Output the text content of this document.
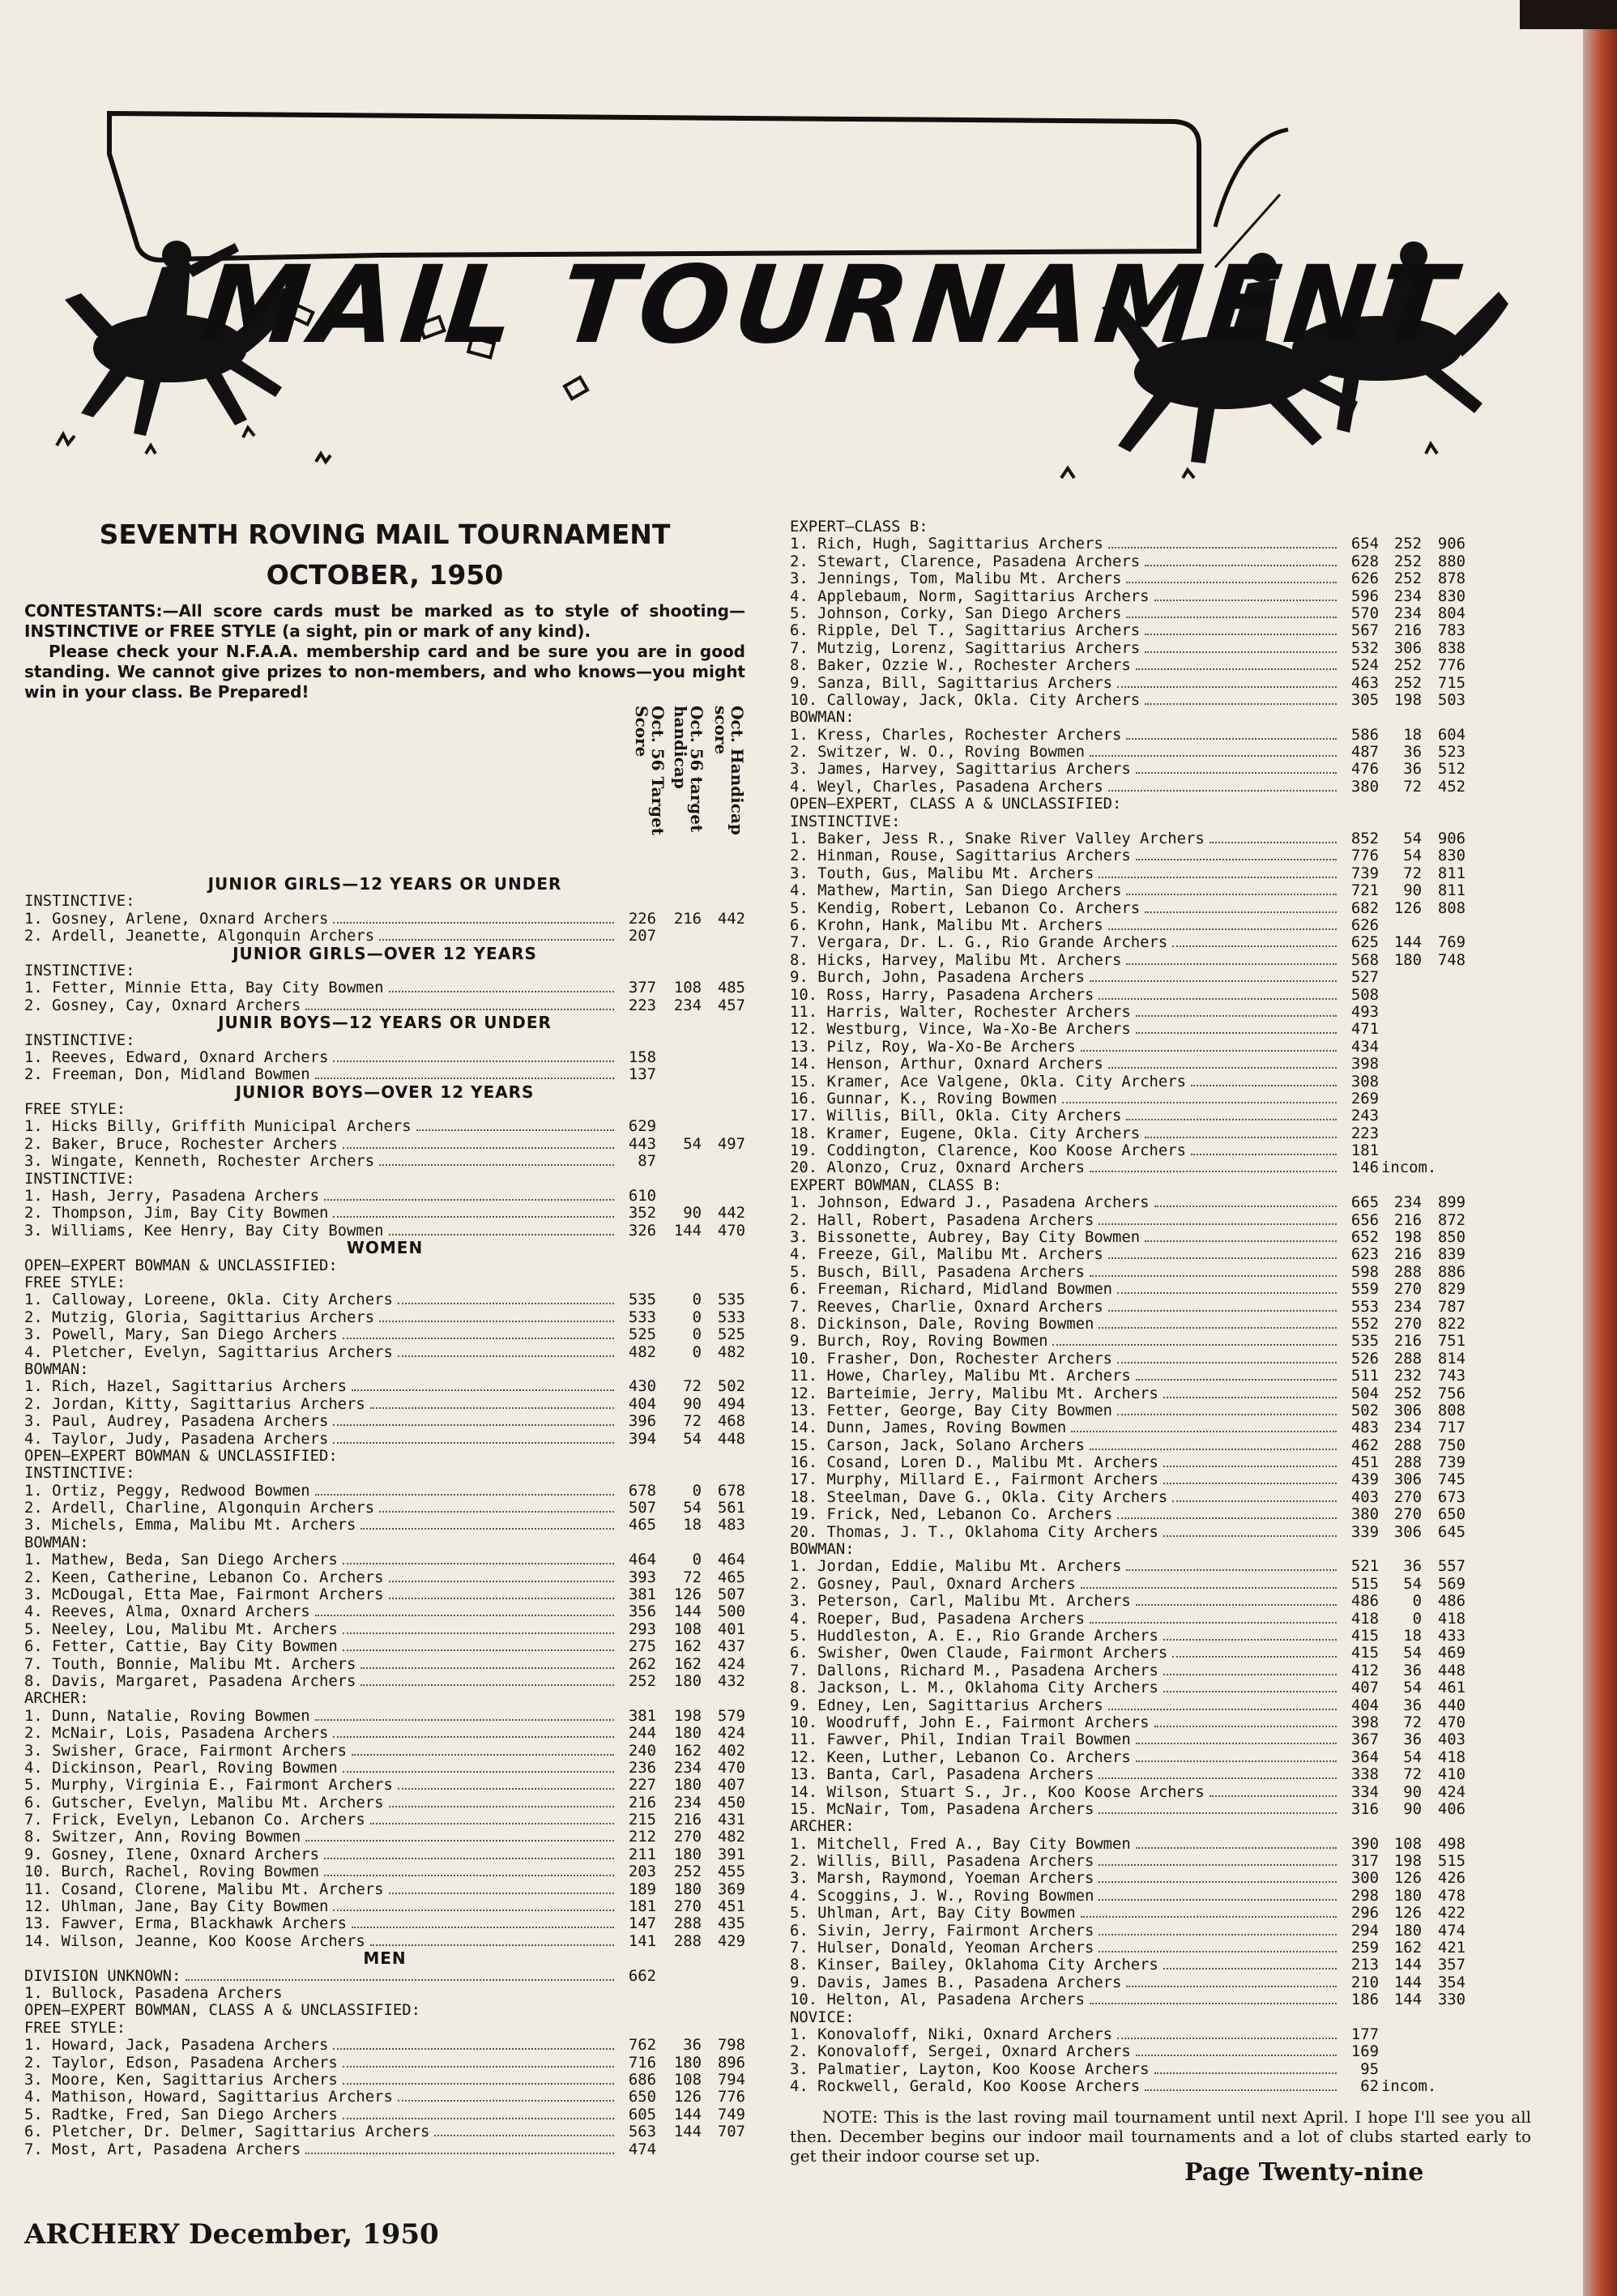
MAIL TOURNAMENT
SEVENTH ROVING MAIL TOURNAMENT
OCTOBER, 1950

CONTESTANTS:—All score cards must be marked as to style of shooting—INSTINCTIVE or FREE STYLE (a sight, pin or mark of any kind).

Please check your N.F.A.A. membership card and be sure you are in good standing. We cannot give prizes to non-members, and who knows—you might win in your class. Be Prepared!

Oct. 56 Target Score	Oct. 56 target handicap	Oct. Handicap score
JUNIOR GIRLS—12 YEARS OR UNDER
INSTINCTIVE:
1. Gosney, Arlene, Oxnard Archers	226	216	442
2. Ardell, Jeanette, Algonquin Archers	207
JUNIOR GIRLS—OVER 12 YEARS
INSTINCTIVE:
1. Fetter, Minnie Etta, Bay City Bowmen	377	108	485
2. Gosney, Cay, Oxnard Archers	223	234	457
JUNIR BOYS—12 YEARS OR UNDER
INSTINCTIVE:
1. Reeves, Edward, Oxnard Archers	158
2. Freeman, Don, Midland Bowmen	137
JUNIOR BOYS—OVER 12 YEARS
FREE STYLE:
1. Hicks Billy, Griffith Municipal Archers	629
2. Baker, Bruce, Rochester Archers	443	54	497
3. Wingate, Kenneth, Rochester Archers	87
INSTINCTIVE:
1. Hash, Jerry, Pasadena Archers	610
2. Thompson, Jim, Bay City Bowmen	352	90	442
3. Williams, Kee Henry, Bay City Bowmen	326	144	470
WOMEN
OPEN—EXPERT BOWMAN & UNCLASSIFIED:
FREE STYLE:
1. Calloway, Loreene, Okla. City Archers	535	0	535
2. Mutzig, Gloria, Sagittarius Archers	533	0	533
3. Powell, Mary, San Diego Archers	525	0	525
4. Pletcher, Evelyn, Sagittarius Archers	482	0	482
BOWMAN:
1. Rich, Hazel, Sagittarius Archers	430	72	502
2. Jordan, Kitty, Sagittarius Archers	404	90	494
3. Paul, Audrey, Pasadena Archers	396	72	468
4. Taylor, Judy, Pasadena Archers	394	54	448
OPEN—EXPERT BOWMAN & UNCLASSIFIED:
INSTINCTIVE:
1. Ortiz, Peggy, Redwood Bowmen	678	0	678
2. Ardell, Charline, Algonquin Archers	507	54	561
3. Michels, Emma, Malibu Mt. Archers	465	18	483
BOWMAN:
1. Mathew, Beda, San Diego Archers	464	0	464
2. Keen, Catherine, Lebanon Co. Archers	393	72	465
3. McDougal, Etta Mae, Fairmont Archers	381	126	507
4. Reeves, Alma, Oxnard Archers	356	144	500
5. Neeley, Lou, Malibu Mt. Archers	293	108	401
6. Fetter, Cattie, Bay City Bowmen	275	162	437
7. Touth, Bonnie, Malibu Mt. Archers	262	162	424
8. Davis, Margaret, Pasadena Archers	252	180	432
ARCHER:
1. Dunn, Natalie, Roving Bowmen	381	198	579
2. McNair, Lois, Pasadena Archers	244	180	424
3. Swisher, Grace, Fairmont Archers	240	162	402
4. Dickinson, Pearl, Roving Bowmen	236	234	470
5. Murphy, Virginia E., Fairmont Archers	227	180	407
6. Gutscher, Evelyn, Malibu Mt. Archers	216	234	450
7. Frick, Evelyn, Lebanon Co. Archers	215	216	431
8. Switzer, Ann, Roving Bowmen	212	270	482
9. Gosney, Ilene, Oxnard Archers	211	180	391
10. Burch, Rachel, Roving Bowmen	203	252	455
11. Cosand, Clorene, Malibu Mt. Archers	189	180	369
12. Uhlman, Jane, Bay City Bowmen	181	270	451
13. Fawver, Erma, Blackhawk Archers	147	288	435
14. Wilson, Jeanne, Koo Koose Archers	141	288	429
MEN
DIVISION UNKNOWN:	662
1. Bullock, Pasadena Archers
OPEN—EXPERT BOWMAN, CLASS A & UNCLASSIFIED:
FREE STYLE:
1. Howard, Jack, Pasadena Archers	762	36	798
2. Taylor, Edson, Pasadena Archers	716	180	896
3. Moore, Ken, Sagittarius Archers	686	108	794
4. Mathison, Howard, Sagittarius Archers	650	126	776
5. Radtke, Fred, San Diego Archers	605	144	749
6. Pletcher, Dr. Delmer, Sagittarius Archers	563	144	707
7. Most, Art, Pasadena Archers	474
EXPERT—CLASS B:
1. Rich, Hugh, Sagittarius Archers	654 252	906
2. Stewart, Clarence, Pasadena Archers	628 252	880
3. Jennings, Tom, Malibu Mt. Archers	626 252	878
4. Applebaum, Norm, Sagittarius Archers	596 234	830
5. Johnson, Corky, San Diego Archers	570 234	804
6. Ripple, Del T., Sagittarius Archers	567 216	783
7. Mutzig, Lorenz, Sagittarius Archers	532 306	838
8. Baker, Ozzie W., Rochester Archers	524 252	776
9. Sanza, Bill, Sagittarius Archers	463 252	715
10. Calloway, Jack, Okla. City Archers	305 198	503
BOWMAN:
1. Kress, Charles, Rochester Archers	586	18	604
2. Switzer, W. O., Roving Bowmen	487	36	523
3. James, Harvey, Sagittarius Archers	476	36	512
4. Weyl, Charles, Pasadena Archers	380	72	452
OPEN—EXPERT, CLASS A & UNCLASSIFIED:
INSTINCTIVE:
1. Baker, Jess R., Snake River Valley Archers	852	54	906
2. Hinman, Rouse, Sagittarius Archers	776	54	830
3. Touth, Gus, Malibu Mt. Archers	739	72	811
4. Mathew, Martin, San Diego Archers	721	90	811
5. Kendig, Robert, Lebanon Co. Archers	682 126	808
6. Krohn, Hank, Malibu Mt. Archers	626
7. Vergara, Dr. L. G., Rio Grande Archers	625 144	769
8. Hicks, Harvey, Malibu Mt. Archers	568 180	748
9. Burch, John, Pasadena Archers	527
10. Ross, Harry, Pasadena Archers	508
11. Harris, Walter, Rochester Archers	493
12. Westburg, Vince, Wa-Xo-Be Archers	471
13. Pilz, Roy, Wa-Xo-Be Archers	434
14. Henson, Arthur, Oxnard Archers	398
15. Kramer, Ace Valgene, Okla. City Archers	308
16. Gunnar, K., Roving Bowmen	269
17. Willis, Bill, Okla. City Archers	243
18. Kramer, Eugene, Okla. City Archers	223
19. Coddington, Clarence, Koo Koose Archers	181
20. Alonzo, Cruz, Oxnard Archers	146 incom.
EXPERT BOWMAN, CLASS B:
1. Johnson, Edward J., Pasadena Archers	665 234	899
2. Hall, Robert, Pasadena Archers	656 216	872
3. Bissonette, Aubrey, Bay City Bowmen	652 198	850
4. Freeze, Gil, Malibu Mt. Archers	623 216	839
5. Busch, Bill, Pasadena Archers	598 288	886
6. Freeman, Richard, Midland Bowmen	559 270	829
7. Reeves, Charlie, Oxnard Archers	553 234	787
8. Dickinson, Dale, Roving Bowmen	552 270	822
9. Burch, Roy, Roving Bowmen	535 216	751
10. Frasher, Don, Rochester Archers	526 288	814
11. Howe, Charley, Malibu Mt. Archers	511 232	743
12. Barteimie, Jerry, Malibu Mt. Archers	504 252	756
13. Fetter, George, Bay City Bowmen	502 306	808
14. Dunn, James, Roving Bowmen	483 234	717
15. Carson, Jack, Solano Archers	462 288	750
16. Cosand, Loren D., Malibu Mt. Archers	451 288	739
17. Murphy, Millard E., Fairmont Archers	439 306	745
18. Steelman, Dave G., Okla. City Archers	403 270	673
19. Frick, Ned, Lebanon Co. Archers	380 270	650
20. Thomas, J. T., Oklahoma City Archers	339 306	645
BOWMAN:
1. Jordan, Eddie, Malibu Mt. Archers	521	36	557
2. Gosney, Paul, Oxnard Archers	515	54	569
3. Peterson, Carl, Malibu Mt. Archers	486	0	486
4. Roeper, Bud, Pasadena Archers	418	0	418
5. Huddleston, A. E., Rio Grande Archers	415	18	433
6. Swisher, Owen Claude, Fairmont Archers	415	54	469
7. Dallons, Richard M., Pasadena Archers	412	36	448
8. Jackson, L. M., Oklahoma City Archers	407	54	461
9. Edney, Len, Sagittarius Archers	404	36	440
10. Woodruff, John E., Fairmont Archers	398	72	470
11. Fawver, Phil, Indian Trail Bowmen	367	36	403
12. Keen, Luther, Lebanon Co. Archers	364	54	418
13. Banta, Carl, Pasadena Archers	338	72	410
14. Wilson, Stuart S., Jr., Koo Koose Archers	334	90	424
15. McNair, Tom, Pasadena Archers	316	90	406
ARCHER:
1. Mitchell, Fred A., Bay City Bowmen	390 108	498
2. Willis, Bill, Pasadena Archers	317 198	515
3. Marsh, Raymond, Yoeman Archers	300 126	426
4. Scoggins, J. W., Roving Bowmen	298 180	478
5. Uhlman, Art, Bay City Bowmen	296 126	422
6. Sivin, Jerry, Fairmont Archers	294 180	474
7. Hulser, Donald, Yeoman Archers	259 162	421
8. Kinser, Bailey, Oklahoma City Archers	213 144	357
9. Davis, James B., Pasadena Archers	210 144	354
10. Helton, Al, Pasadena Archers	186 144	330
NOVICE:
1. Konovaloff, Niki, Oxnard Archers	177
2. Konovaloff, Sergei, Oxnard Archers	169
3. Palmatier, Layton, Koo Koose Archers	95
4. Rockwell, Gerald, Koo Koose Archers	62 incom.
NOTE: This is the last roving mail tournament until next April. I hope I'll see you all then. December begins our indoor mail tournaments and a lot of clubs started early to get their indoor course set up.
ARCHERY December, 1950
Page Twenty-nine
